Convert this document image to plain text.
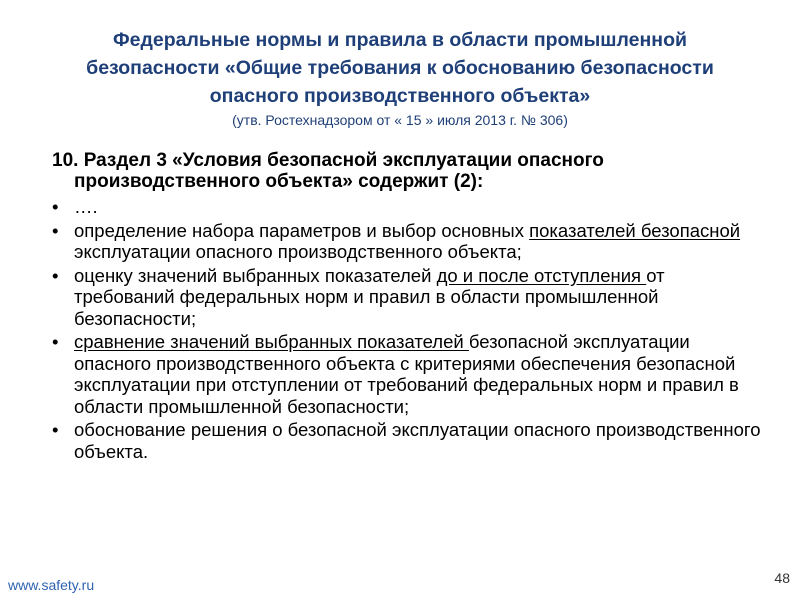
Федеральные нормы и правила в области промышленной
безопасности «Общие требования к обоснованию безопасности
опасного производственного объекта»
(утв. Ростехнадзором от « 15 » июля 2013 г. № 306)
10. Раздел 3 «Условия безопасной эксплуатации опасного
производственного объекта» содержит (2):
• ….
• определение набора параметров и выбор основных показателей безопасной эксплуатации опасного производственного объекта;
• оценку значений выбранных показателей до и после отступления от требований федеральных норм и правил в области промышленной безопасности;
• сравнение значений выбранных показателей безопасной эксплуатации опасного производственного объекта с критериями обеспечения безопасной эксплуатации при отступлении от требований федеральных норм и правил в области промышленной безопасности;
• обоснование решения о безопасной эксплуатации опасного производственного объекта.
www.safety.ru	48
